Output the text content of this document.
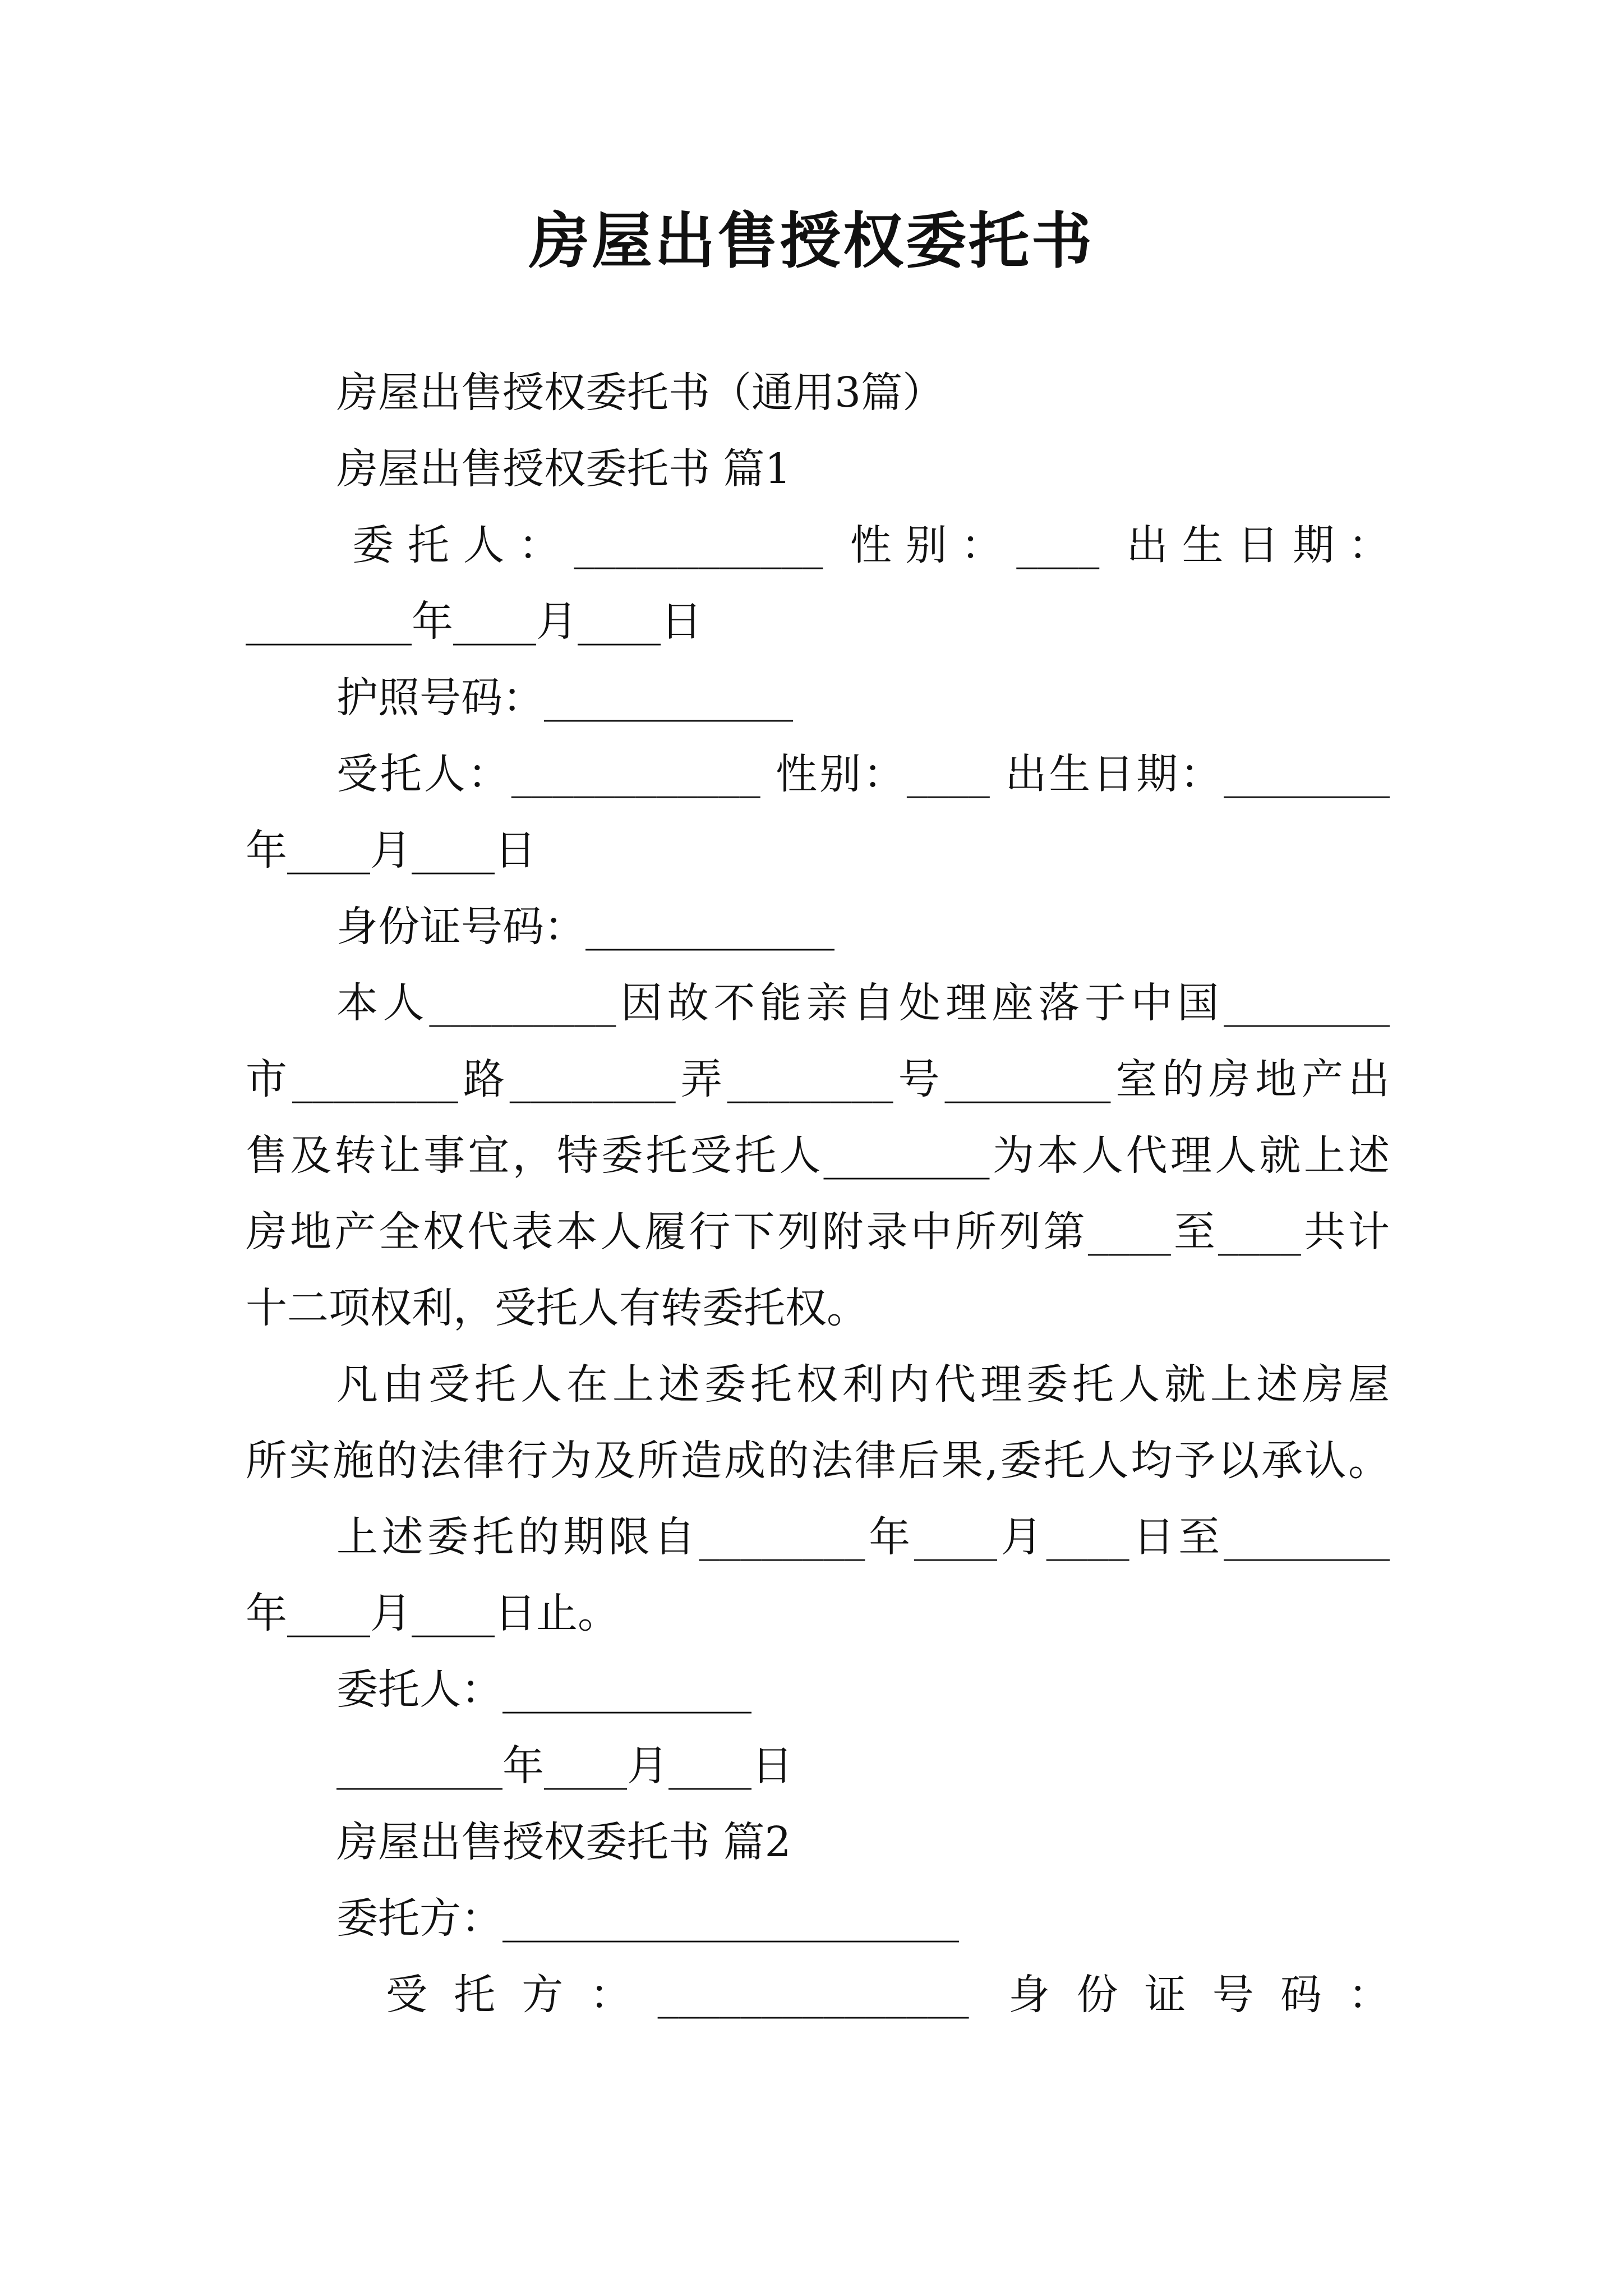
房屋出售授权委托书
房屋出售授权委托书（通用3篇）
房屋出售授权委托书 篇1
委托人：____________ 性别：____ 出生日期：
________年____月____日
护照号码：____________
受托人：____________ 性别：____ 出生日期：________
年____月____日
身份证号码：____________
本人_________因故不能亲自处理座落于中国________
市________路________弄________号________室的房地产出
售及转让事宜，特委托受托人________为本人代理人就上述
房地产全权代表本人履行下列附录中所列第____至____共计
十二项权利，受托人有转委托权。
凡由受托人在上述委托权利内代理委托人就上述房屋
所实施的法律行为及所造成的法律后果,委托人均予以承认。
上述委托的期限自________年____月____日至________
年____月____日止。
委托人：____________
________年____月____日
房屋出售授权委托书 篇2
委托方：______________________
受托方：_______________ 身份证号码：
